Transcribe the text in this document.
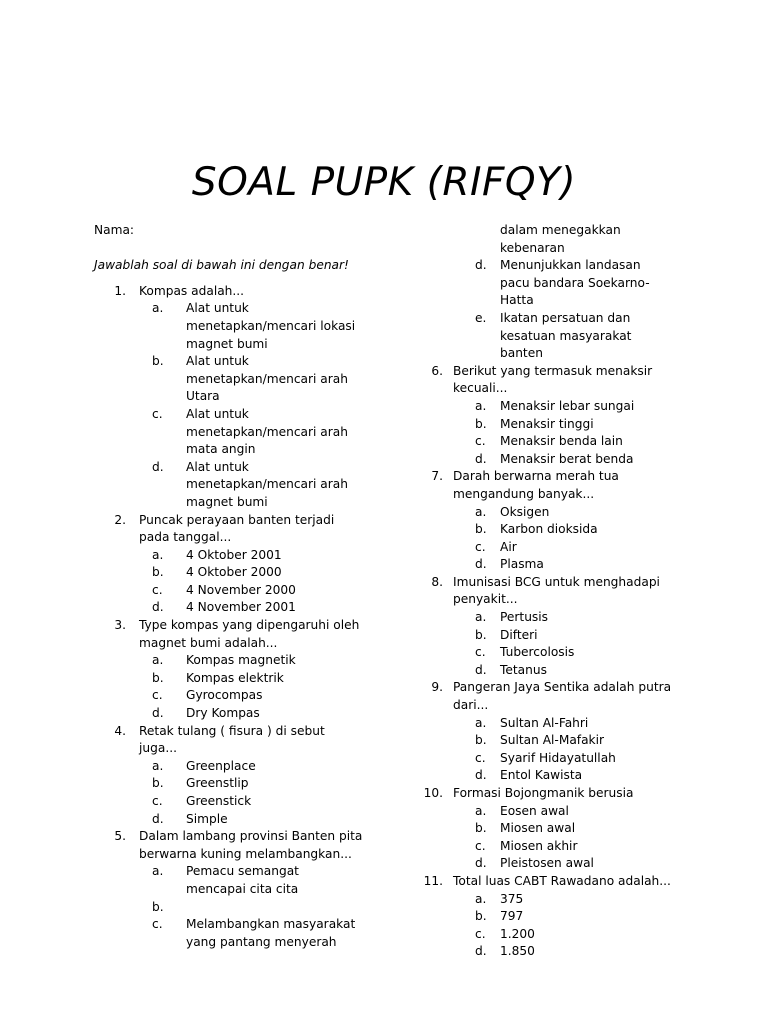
SOAL PUPK (RIFQY)
Nama:
Jawablah soal di bawah ini dengan benar!
1. Kompas adalah...
a.	Alat untuk menetapkan/mencari lokasi magnet bumi
b.	Alat untuk menetapkan/mencari arah Utara
c.	Alat untuk menetapkan/mencari arah mata angin
d.	Alat untuk menetapkan/mencari arah magnet bumi
2. Puncak perayaan banten terjadi pada tanggal...
a.	4 Oktober 2001
b.	4 Oktober 2000
c.	4 November 2000
d.	4 November 2001
3. Type kompas yang dipengaruhi oleh magnet bumi adalah...
a.	Kompas magnetik
b.	Kompas elektrik
c.	Gyrocompas
d.	Dry Kompas
4. Retak tulang ( fisura ) di sebut juga...
a.	Greenplace
b.	Greenstlip
c.	Greenstick
d.	Simple
5. Dalam lambang provinsi Banten pita berwarna kuning melambangkan...
a.	Pemacu semangat mencapai cita cita
b.
c.	Melambangkan masyarakat yang pantang menyerah
dalam menegakkan kebenaran
d.	Menunjukkan landasan pacu bandara Soekarno-Hatta
e.	Ikatan persatuan dan kesatuan masyarakat banten
6. Berikut yang termasuk menaksir kecuali...
a.	Menaksir lebar sungai
b.	Menaksir tinggi
c.	Menaksir benda lain
d.	Menaksir berat benda
7. Darah berwarna merah tua mengandung banyak...
a.	Oksigen
b.	Karbon dioksida
c.	Air
d.	Plasma
8. Imunisasi BCG untuk menghadapi penyakit...
a.	Pertusis
b.	Difteri
c.	Tubercolosis
d.	Tetanus
9. Pangeran Jaya Sentika adalah putra dari...
a.	Sultan Al-Fahri
b.	Sultan Al-Mafakir
c.	Syarif Hidayatullah
d.	Entol Kawista
10. Formasi Bojongmanik berusia
a.	Eosen awal
b.	Miosen awal
c.	Miosen akhir
d.	Pleistosen awal
11. Total luas CABT Rawadano adalah...
a.	375
b.	797
c.	1.200
d.	1.850
